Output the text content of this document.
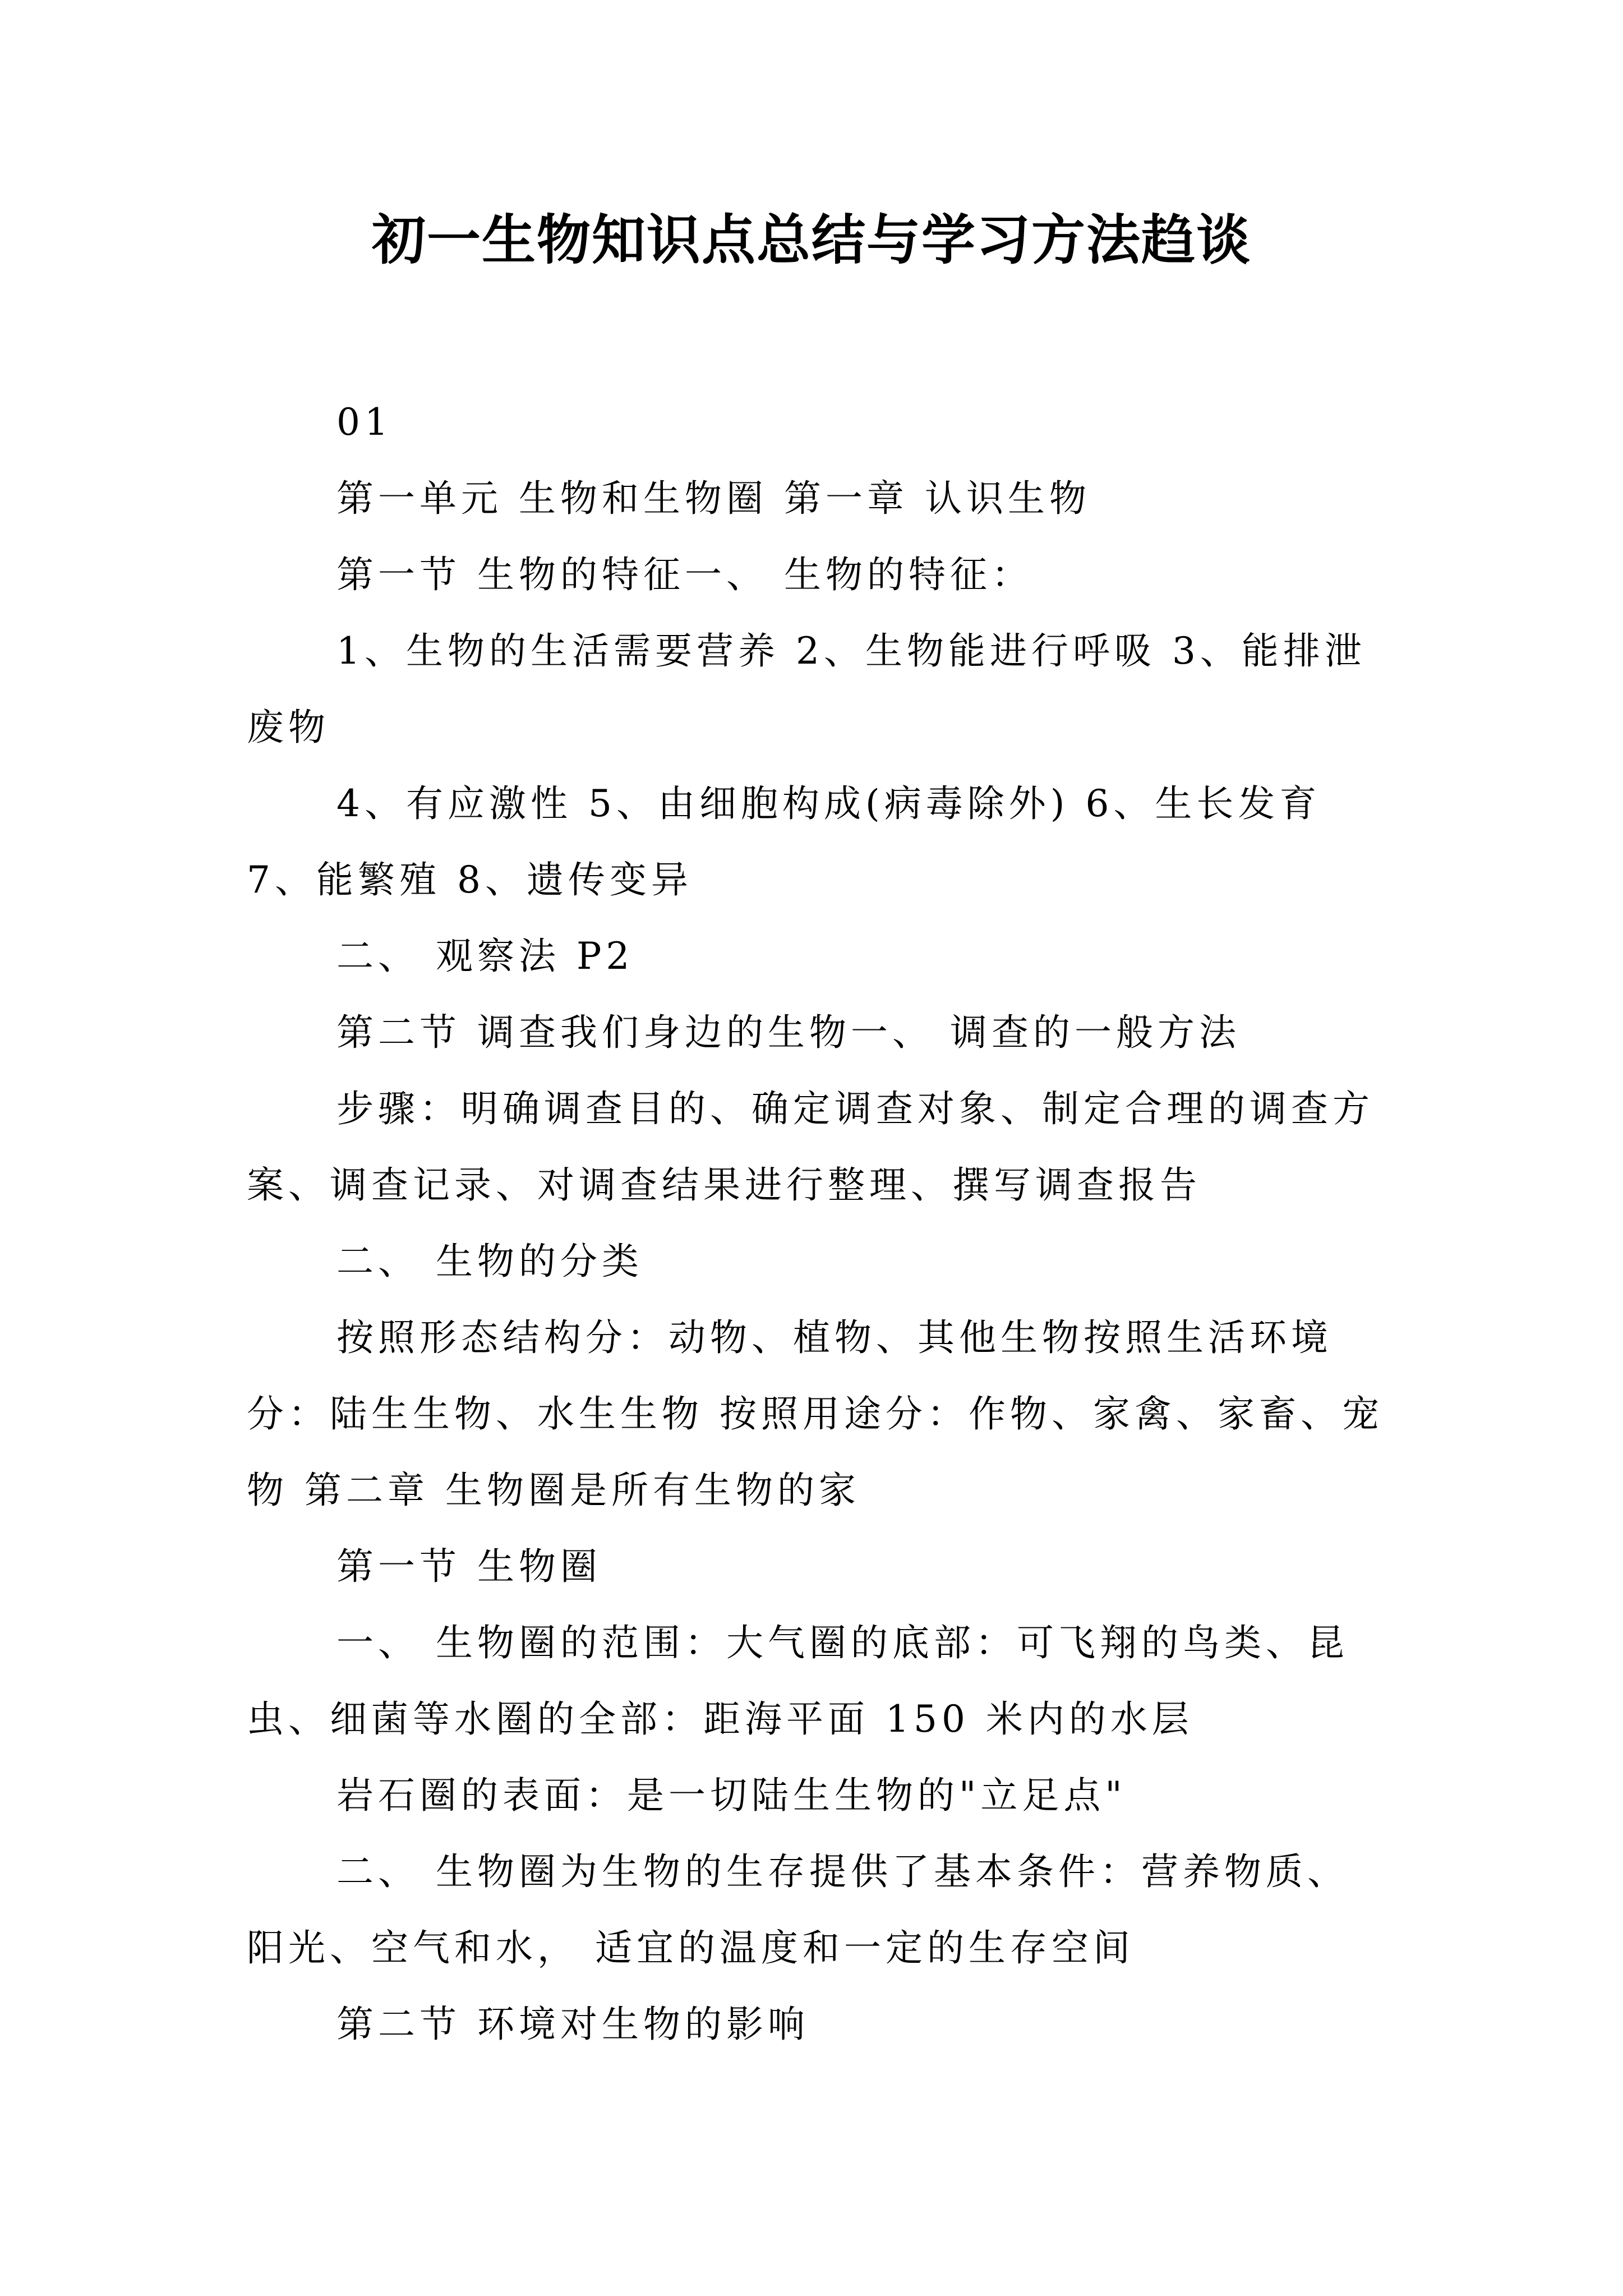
初一生物知识点总结与学习方法趋谈

01

第一单元 生物和生物圈 第一章 认识生物

第一节 生物的特征一、 生物的特征：

1、生物的生活需要营养 2、生物能进行呼吸 3、能排泄废物

4、有应激性 5、由细胞构成(病毒除外) 6、生长发育 7、能繁殖 8、遗传变异

二、 观察法 P2

第二节 调查我们身边的生物一、 调查的一般方法

步骤：明确调查目的、确定调查对象、制定合理的调查方案、调查记录、对调查结果进行整理、撰写调查报告

二、 生物的分类

按照形态结构分：动物、植物、其他生物按照生活环境分：陆生生物、水生生物 按照用途分：作物、家禽、家畜、宠物 第二章 生物圈是所有生物的家

第一节 生物圈

一、 生物圈的范围：大气圈的底部：可飞翔的鸟类、昆虫、细菌等水圈的全部：距海平面 150 米内的水层

岩石圈的表面：是一切陆生生物的"立足点"

二、 生物圈为生物的生存提供了基本条件：营养物质、阳光、空气和水， 适宜的温度和一定的生存空间

第二节 环境对生物的影响
